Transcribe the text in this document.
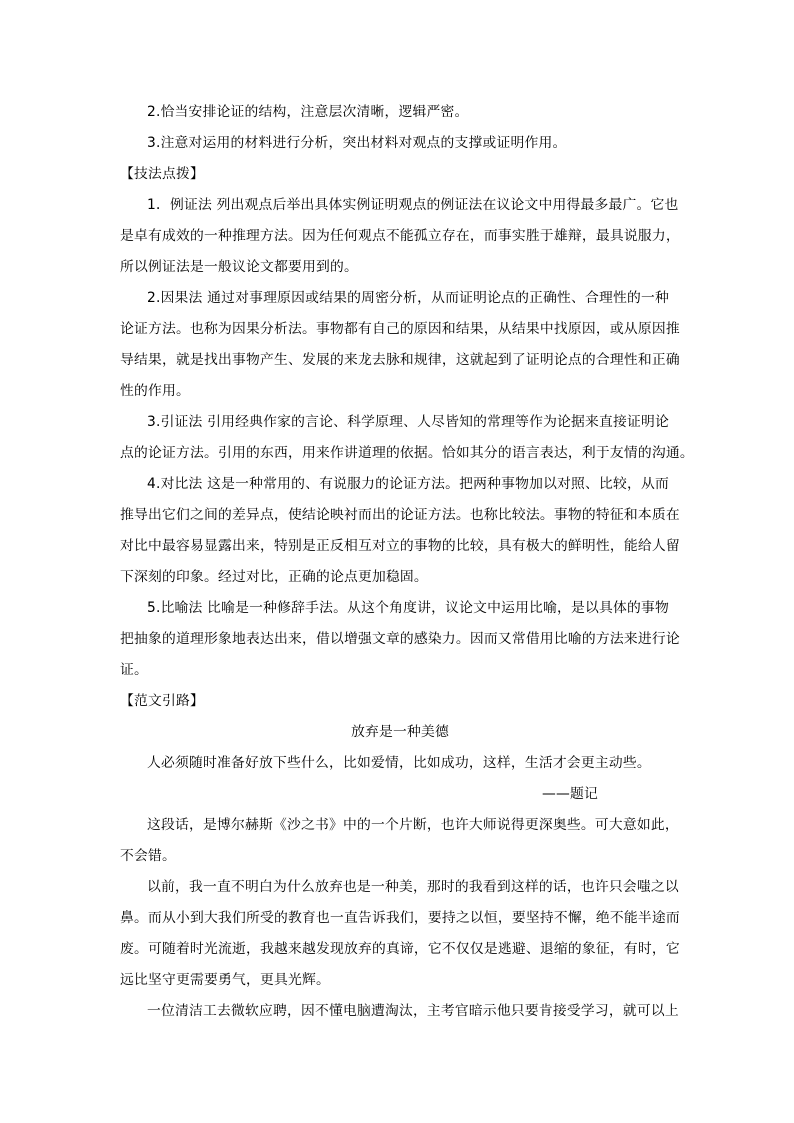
2.恰当安排论证的结构，注意层次清晰，逻辑严密。

3.注意对运用的材料进行分析，突出材料对观点的支撑或证明作用。

【技法点拨】

1．例证法 列出观点后举出具体实例证明观点的例证法在议论文中用得最多最广。它也

是卓有成效的一种推理方法。因为任何观点不能孤立存在，而事实胜于雄辩，最具说服力，

所以例证法是一般议论文都要用到的。

2.因果法 通过对事理原因或结果的周密分析，从而证明论点的正确性、合理性的一种

论证方法。也称为因果分析法。事物都有自己的原因和结果，从结果中找原因，或从原因推

导结果，就是找出事物产生、发展的来龙去脉和规律，这就起到了证明论点的合理性和正确

性的作用。

3.引证法 引用经典作家的言论、科学原理、人尽皆知的常理等作为论据来直接证明论

点的论证方法。引用的东西，用来作讲道理的依据。恰如其分的语言表达，利于友情的沟通。

4.对比法 这是一种常用的、有说服力的论证方法。把两种事物加以对照、比较，从而

推导出它们之间的差异点，使结论映衬而出的论证方法。也称比较法。事物的特征和本质在

对比中最容易显露出来，特别是正反相互对立的事物的比较，具有极大的鲜明性，能给人留

下深刻的印象。经过对比，正确的论点更加稳固。

5.比喻法 比喻是一种修辞手法。从这个角度讲，议论文中运用比喻，是以具体的事物

把抽象的道理形象地表达出来，借以增强文章的感染力。因而又常借用比喻的方法来进行论

证。

【范文引路】

放弃是一种美德

人必须随时准备好放下些什么，比如爱情，比如成功，这样，生活才会更主动些。

——题记

这段话，是博尔赫斯《沙之书》中的一个片断，也许大师说得更深奥些。可大意如此，

不会错。

以前，我一直不明白为什么放弃也是一种美，那时的我看到这样的话，也许只会嗤之以

鼻。而从小到大我们所受的教育也一直告诉我们，要持之以恒，要坚持不懈，绝不能半途而

废。可随着时光流逝，我越来越发现放弃的真谛，它不仅仅是逃避、退缩的象征，有时，它

远比坚守更需要勇气，更具光辉。

一位清洁工去微软应聘，因不懂电脑遭淘汰，主考官暗示他只要肯接受学习，就可以上
